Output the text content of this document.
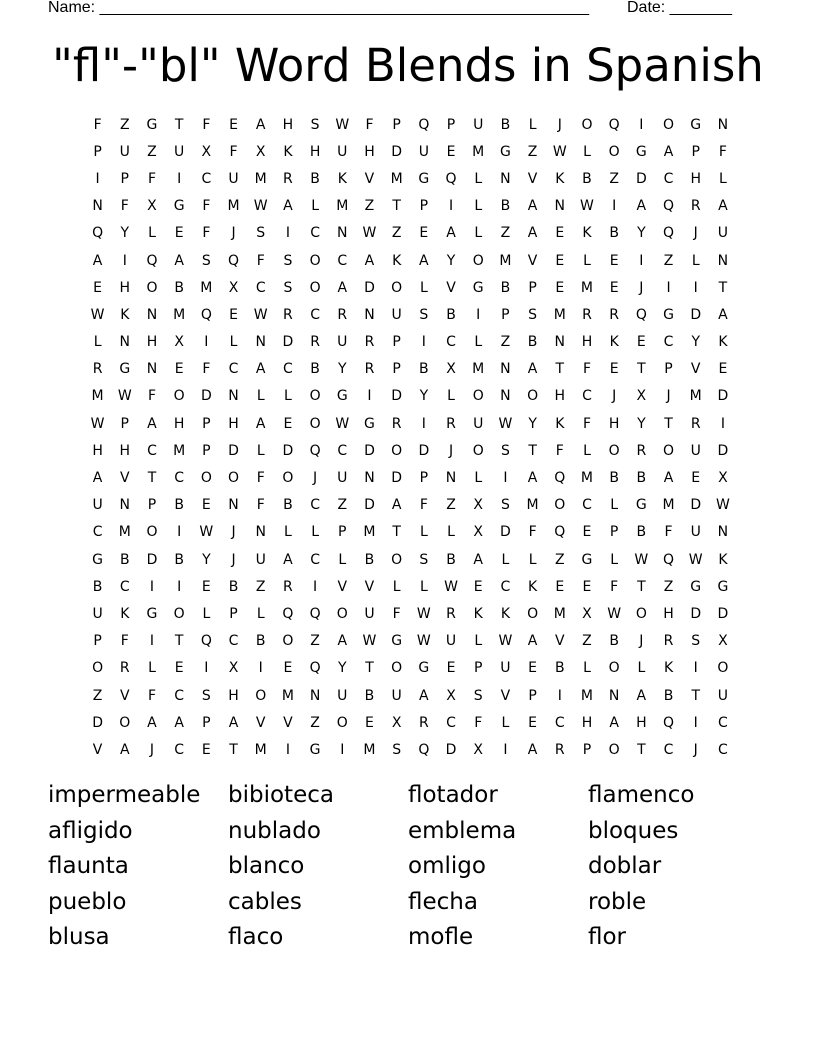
Name: _______________________________________________________ Date: _______
"fl"-"bl" Word Blends in Spanish
F	Z	G	T	F	E	A	H	S	W	F	P	Q	P	U	B	L	J	O	Q	I	O	G	N
P	U	Z	U	X	F	X	K	H	U	H	D	U	E	M	G	Z	W	L	O	G	A	P	F
I	P	F	I	C	U	M	R	B	K	V	M	G	Q	L	N	V	K	B	Z	D	C	H	L
N	F	X	G	F	M	W	A	L	M	Z	T	P	I	L	B	A	N	W	I	A	Q	R	A
Q	Y	L	E	F	J	S	I	C	N	W	Z	E	A	L	Z	A	E	K	B	Y	Q	J	U
A	I	Q	A	S	Q	F	S	O	C	A	K	A	Y	O	M	V	E	L	E	I	Z	L	N
E	H	O	B	M	X	C	S	O	A	D	O	L	V	G	B	P	E	M	E	J	I	I	T
W	K	N	M	Q	E	W	R	C	R	N	U	S	B	I	P	S	M	R	R	Q	G	D	A
L	N	H	X	I	L	N	D	R	U	R	P	I	C	L	Z	B	N	H	K	E	C	Y	K
R	G	N	E	F	C	A	C	B	Y	R	P	B	X	M	N	A	T	F	E	T	P	V	E
M	W	F	O	D	N	L	L	O	G	I	D	Y	L	O	N	O	H	C	J	X	J	M	D
W	P	A	H	P	H	A	E	O	W	G	R	I	R	U	W	Y	K	F	H	Y	T	R	I
H	H	C	M	P	D	L	D	Q	C	D	O	D	J	O	S	T	F	L	O	R	O	U	D
A	V	T	C	O	O	F	O	J	U	N	D	P	N	L	I	A	Q	M	B	B	A	E	X
U	N	P	B	E	N	F	B	C	Z	D	A	F	Z	X	S	M	O	C	L	G	M	D	W
C	M	O	I	W	J	N	L	L	P	M	T	L	L	X	D	F	Q	E	P	B	F	U	N
G	B	D	B	Y	J	U	A	C	L	B	O	S	B	A	L	L	Z	G	L	W	Q	W	K
B	C	I	I	E	B	Z	R	I	V	V	L	L	W	E	C	K	E	E	F	T	Z	G	G
U	K	G	O	L	P	L	Q	Q	O	U	F	W	R	K	K	O	M	X	W	O	H	D	D
P	F	I	T	Q	C	B	O	Z	A	W	G	W	U	L	W	A	V	Z	B	J	R	S	X
O	R	L	E	I	X	I	E	Q	Y	T	O	G	E	P	U	E	B	L	O	L	K	I	O
Z	V	F	C	S	H	O	M	N	U	B	U	A	X	S	V	P	I	M	N	A	B	T	U
D	O	A	A	P	A	V	V	Z	O	E	X	R	C	F	L	E	C	H	A	H	Q	I	C
V	A	J	C	E	T	M	I	G	I	M	S	Q	D	X	I	A	R	P	O	T	C	J	C
impermeable	bibioteca	flotador	flamenco
afligido	nublado	emblema	bloques
flaunta	blanco	omligo	doblar
pueblo	cables	flecha	roble
blusa	flaco	mofle	flor
